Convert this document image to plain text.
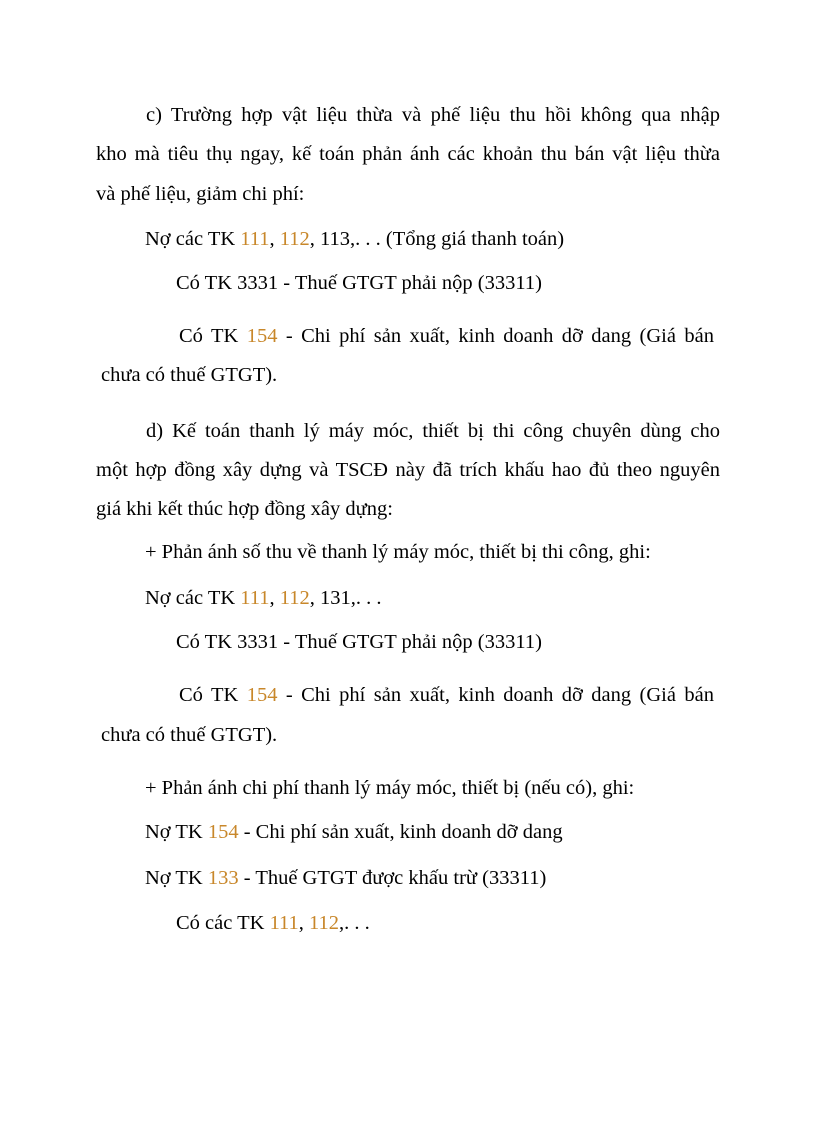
c) Trường hợp vật liệu thừa và phế liệu thu hồi không qua nhập

kho mà tiêu thụ ngay, kế toán phản ánh các khoản thu bán vật liệu thừa

và phế liệu, giảm chi phí:

Nợ các TK 111, 112, 113,. . . (Tổng giá thanh toán)

Có TK 3331 - Thuế GTGT phải nộp (33311)

Có TK 154 - Chi phí sản xuất, kinh doanh dỡ dang (Giá bán

chưa có thuế GTGT).

d) Kế toán thanh lý máy móc, thiết bị thi công chuyên dùng cho

một hợp đồng xây dựng và TSCĐ này đã trích khấu hao đủ theo nguyên

giá khi kết thúc hợp đồng xây dựng:

+ Phản ánh số thu về thanh lý máy móc, thiết bị thi công, ghi:

Nợ các TK 111, 112, 131,. . .

Có TK 3331 - Thuế GTGT phải nộp (33311)

Có TK 154 - Chi phí sản xuất, kinh doanh dỡ dang (Giá bán

chưa có thuế GTGT).

+ Phản ánh chi phí thanh lý máy móc, thiết bị (nếu có), ghi:

Nợ TK 154 - Chi phí sản xuất, kinh doanh dỡ dang

Nợ TK 133 - Thuế GTGT được khấu trừ (33311)

Có các TK 111, 112,. . .
